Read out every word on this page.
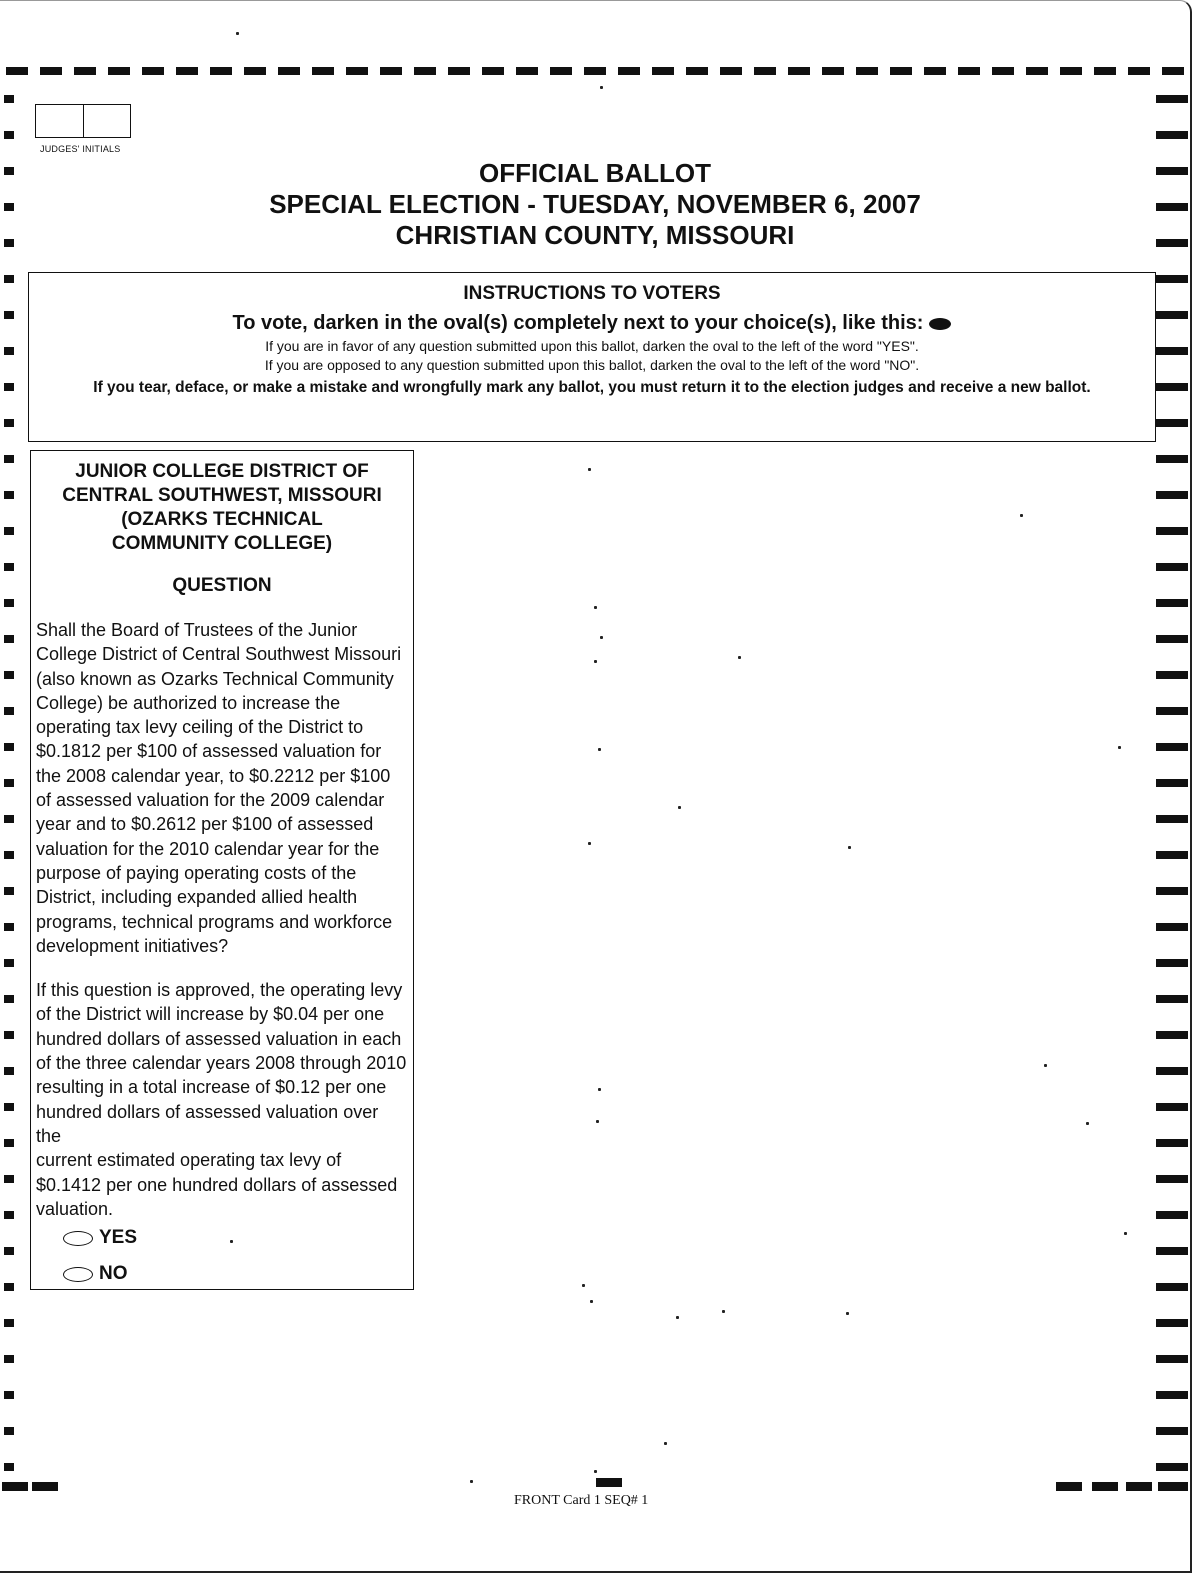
JUDGES' INITIALS
OFFICIAL BALLOT
SPECIAL ELECTION - TUESDAY, NOVEMBER 6, 2007
CHRISTIAN COUNTY, MISSOURI
INSTRUCTIONS TO VOTERS
To vote, darken in the oval(s) completely next to your choice(s), like this:
If you are in favor of any question submitted upon this ballot, darken the oval to the left of the word "YES".
If you are opposed to any question submitted upon this ballot, darken the oval to the left of the word "NO".
If you tear, deface, or make a mistake and wrongfully mark any ballot, you must return it to the election judges and receive a new ballot.
JUNIOR COLLEGE DISTRICT OF
CENTRAL SOUTHWEST, MISSOURI
(OZARKS TECHNICAL
COMMUNITY COLLEGE)
QUESTION
Shall the Board of Trustees of the Junior
College District of Central Southwest Missouri
(also known as Ozarks Technical Community
College) be authorized to increase the
operating tax levy ceiling of the District to
$0.1812 per $100 of assessed valuation for
the 2008 calendar year, to $0.2212 per $100
of assessed valuation for the 2009 calendar
year and to $0.2612 per $100 of assessed
valuation for the 2010 calendar year for the
purpose of paying operating costs of the
District, including expanded allied health
programs, technical programs and workforce
development initiatives?
If this question is approved, the operating levy
of the District will increase by $0.04 per one
hundred dollars of assessed valuation in each
of the three calendar years 2008 through 2010
resulting in a total increase of $0.12 per one
hundred dollars of assessed valuation over the
current estimated operating tax levy of
$0.1412 per one hundred dollars of assessed
valuation.
YES
NO
FRONT Card 1 SEQ# 1
